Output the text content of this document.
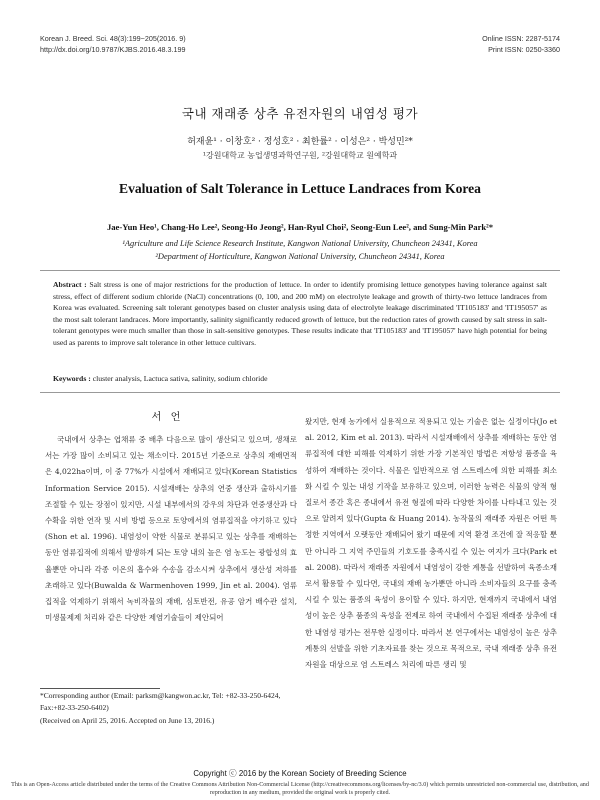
Korean J. Breed. Sci. 48(3):199~205(2016. 9)
http://dx.doi.org/10.9787/KJBS.2016.48.3.199
Online ISSN: 2287-5174
Print ISSN: 0250-3360
국내 재래종 상추 유전자원의 내염성 평가
허재윤¹ · 이창호² · 정성호² · 최한률² · 이성은² · 박성민²*
¹강원대학교 농업생명과학연구원, ²강원대학교 원예학과
Evaluation of Salt Tolerance in Lettuce Landraces from Korea
Jae-Yun Heo¹, Chang-Ho Lee², Seong-Ho Jeong², Han-Ryul Choi², Seong-Eun Lee², and Sung-Min Park²*
¹Agriculture and Life Science Research Institute, Kangwon National University, Chuncheon 24341, Korea
²Department of Horticulture, Kangwon National University, Chuncheon 24341, Korea
Abstract : Salt stress is one of major restrictions for the production of lettuce. In order to identify promising lettuce genotypes having tolerance against salt stress, effect of different sodium chloride (NaCl) concentrations (0, 100, and 200 mM) on electrolyte leakage and growth of thirty-two lettuce landraces from Korea was evaluated. Screening salt tolerant genotypes based on cluster analysis using data of electrolyte leakage discriminated 'IT105183' and 'IT195057' as the most salt tolerant landraces. More importantly, salinity significantly reduced growth of lettuce, but the reduction rates of growth caused by salt stress in salt-tolerant genotypes were much smaller than those in salt-sensitive genotypes. These results indicate that 'IT105183' and 'IT195057' have high potential for being used as parents to improve salt tolerance in other lettuce cultivars.
Keywords : cluster analysis, Lactuca sativa, salinity, sodium chloride
서 언
국내에서 상추는 엽채류 중 배추 다음으로 많이 생산되고 있으며, 생채로서는 가장 많이 소비되고 있는 채소이다. 2015년 기준으로 상추의 재배면적은 4,022ha이며, 이 중 77%가 시설에서 재배되고 있다(Korean Statistics Information Service 2015). 시설재배는 상추의 연중 생산과 출하시기를 조절할 수 있는 장점이 있지만, 시설 내부에서의 강우의 차단과 연중생산과 다수확을 위한 연작 및 시비 방법 등으로 토양에서의 염류집적을 야기하고 있다(Shon et al. 1996). 내염성이 약한 식물로 분류되고 있는 상추를 재배하는 동안 염류집적에 의해서 발생하게 되는 토양 내의 높은 염 농도는 광합성의 효율뿐만 아니라 각종 이온의 흡수와 수송을 감소시켜 상추에서 생산성 저하를 초래하고 있다(Buwalda & Warmenhoven 1999, Jin et al. 2004). 염류집적을 억제하기 위해서 녹비작물의 재배, 심토반전, 유공 암거 배수관 설치, 미생물제제 처리와 같은 다양한 제염기술들이 제안되어
왔지만, 현재 농가에서 실용적으로 적용되고 있는 기술은 없는 실정이다(Jo et al. 2012, Kim et al. 2013). 따라서 시설재배에서 상추를 재배하는 동안 염류집적에 대한 피해를 억제하기 위한 가장 기본적인 방법은 저항성 품종을 육성하여 재배하는 것이다. 식물은 일반적으로 염 스트레스에 의한 피해를 최소화 시킬 수 있는 내성 기작을 보유하고 있으며, 이러한 능력은 식물의 양적 형질로서 종간 혹은 종내에서 유전 형질에 따라 다양한 차이를 나타내고 있는 것으로 알려져 있다(Gupta & Huang 2014). 농작물의 재래종 자원은 어떤 특정한 지역에서 오랫동안 재배되어 왔기 때문에 지역 환경 조건에 잘 적응할 뿐만 아니라 그 지역 주민들의 기호도를 충족시킬 수 있는 여지가 크다(Park et al. 2008). 따라서 재래종 자원에서 내염성이 강한 계통을 선발하여 육종소재로서 활용할 수 있다면, 국내의 재배 농가뿐만 아니라 소비자들의 요구를 충족시킬 수 있는 품종의 육성이 용이할 수 있다. 하지만, 현재까지 국내에서 내염성이 높은 상추 품종의 육성을 전제로 하여 국내에서 수집된 재래종 상추에 대한 내염성 평가는 전무한 실정이다. 따라서 본 연구에서는 내염성이 높은 상추 계통의 선발을 위한 기초자료를 찾는 것으로 목적으로, 국내 재래종 상추 유전자원을 대상으로 염 스트레스 처리에 따른 생리 및
*Corresponding author (Email: parksm@kangwon.ac.kr, Tel: +82-33-250-6424, Fax:+82-33-250-6402)
(Received on April 25, 2016. Accepted on June 13, 2016.)
Copyright ⓒ 2016 by the Korean Society of Breeding Science
This is an Open-Access article distributed under the terms of the Creative Commons Attribution Non-Commercial License (http://creativecommons.org/licenses/by-nc/3.0) which permits unrestricted non-commercial use, distribution, and reproduction in any medium, provided the original work is properly cited.
